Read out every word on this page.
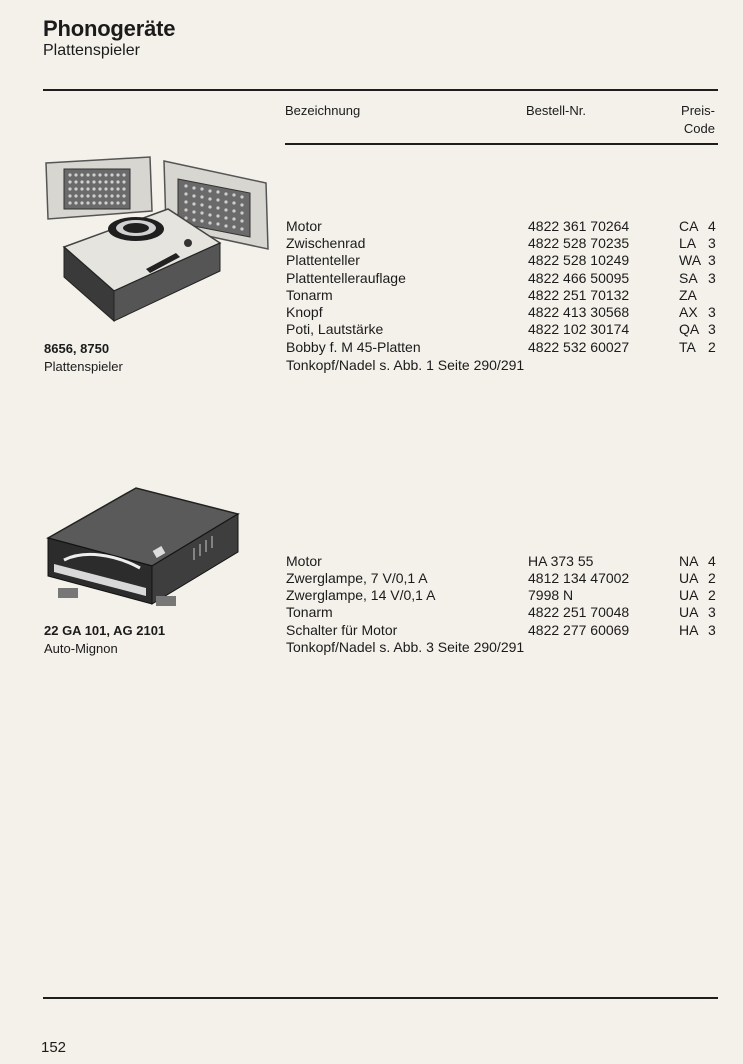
Phonogeräte
Plattenspieler
Bezeichnung	Bestell-Nr.	Preis-
Code
8656, 8750
Plattenspieler
Motor	4822 361 70264	CA 4
Zwischenrad	4822 528 70235	LA 3
Plattenteller	4822 528 10249	WA 3
Plattentellerauflage	4822 466 50095	SA 3
Tonarm	4822 251 70132	ZA
Knopf	4822 413 30568	AX 3
Poti, Lautstärke	4822 102 30174	QA 3
Bobby f. M 45-Platten	4822 532 60027	TA 2
Tonkopf/Nadel s. Abb. 1 Seite 290/291
22 GA 101, AG 2101
Auto-Mignon
Motor	HA 373 55	NA 4
Zwerglampe, 7 V/0,1 A	4812 134 47002	UA 2
Zwerglampe, 14 V/0,1 A	7998 N	UA 2
Tonarm	4822 251 70048	UA 3
Schalter für Motor	4822 277 60069	HA 3
Tonkopf/Nadel s. Abb. 3 Seite 290/291
152
